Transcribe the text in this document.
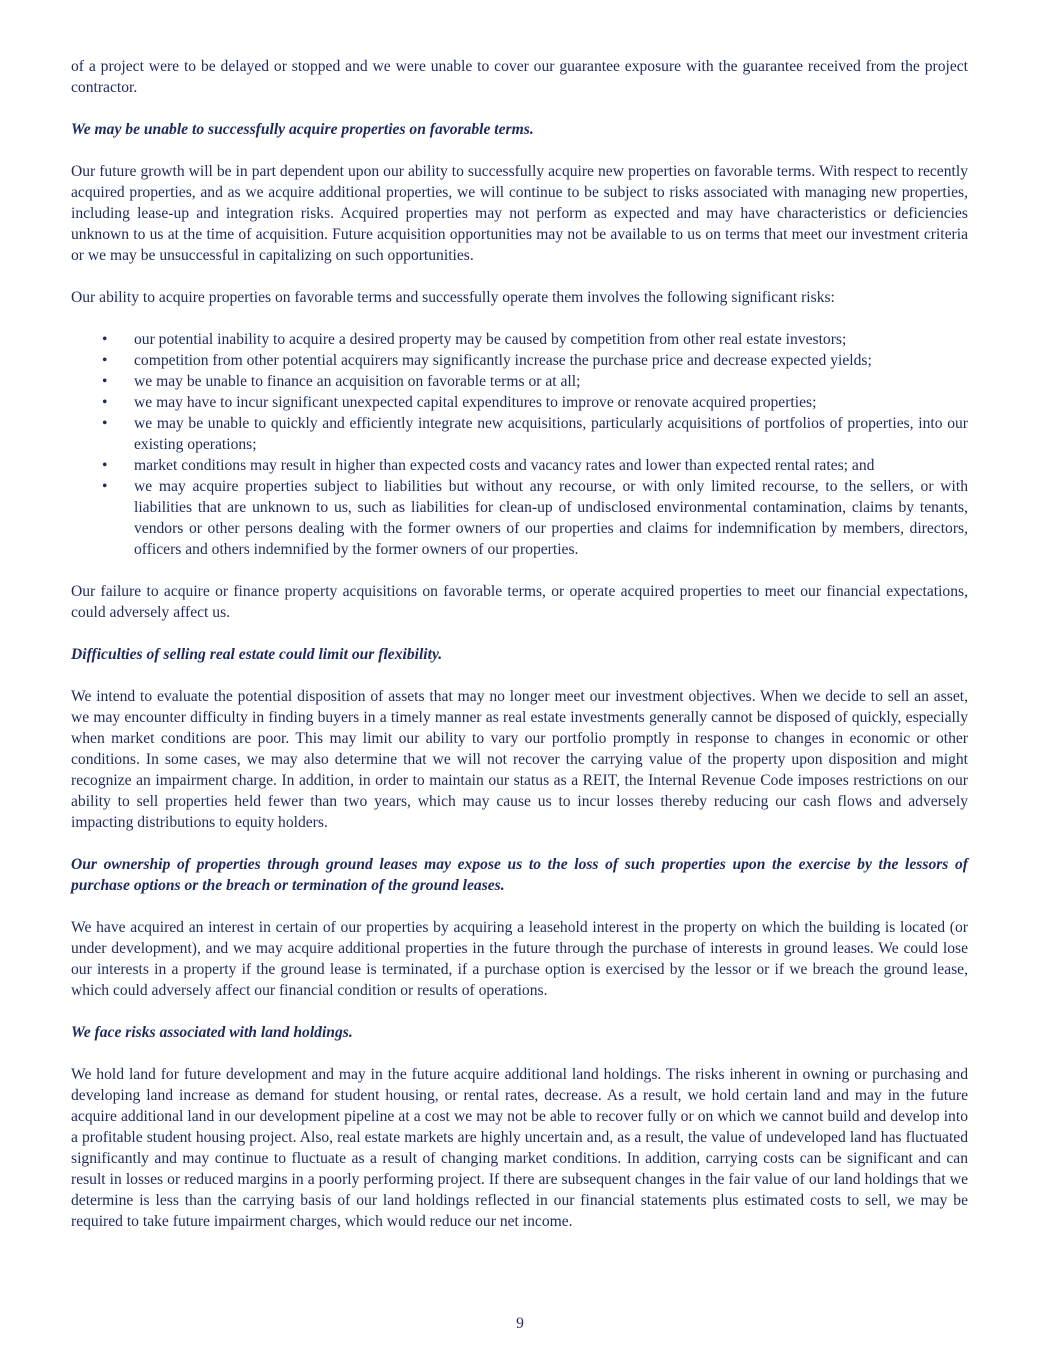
of a project were to be delayed or stopped and we were unable to cover our guarantee exposure with the guarantee received from the project contractor.

We may be unable to successfully acquire properties on favorable terms.

Our future growth will be in part dependent upon our ability to successfully acquire new properties on favorable terms. With respect to recently acquired properties, and as we acquire additional properties, we will continue to be subject to risks associated with managing new properties, including lease-up and integration risks. Acquired properties may not perform as expected and may have characteristics or deficiencies unknown to us at the time of acquisition. Future acquisition opportunities may not be available to us on terms that meet our investment criteria or we may be unsuccessful in capitalizing on such opportunities.

Our ability to acquire properties on favorable terms and successfully operate them involves the following significant risks:

• our potential inability to acquire a desired property may be caused by competition from other real estate investors;
• competition from other potential acquirers may significantly increase the purchase price and decrease expected yields;
• we may be unable to finance an acquisition on favorable terms or at all;
• we may have to incur significant unexpected capital expenditures to improve or renovate acquired properties;
• we may be unable to quickly and efficiently integrate new acquisitions, particularly acquisitions of portfolios of properties, into our existing operations;
• market conditions may result in higher than expected costs and vacancy rates and lower than expected rental rates; and
• we may acquire properties subject to liabilities but without any recourse, or with only limited recourse, to the sellers, or with liabilities that are unknown to us, such as liabilities for clean-up of undisclosed environmental contamination, claims by tenants, vendors or other persons dealing with the former owners of our properties and claims for indemnification by members, directors, officers and others indemnified by the former owners of our properties.

Our failure to acquire or finance property acquisitions on favorable terms, or operate acquired properties to meet our financial expectations, could adversely affect us.

Difficulties of selling real estate could limit our flexibility.

We intend to evaluate the potential disposition of assets that may no longer meet our investment objectives. When we decide to sell an asset, we may encounter difficulty in finding buyers in a timely manner as real estate investments generally cannot be disposed of quickly, especially when market conditions are poor. This may limit our ability to vary our portfolio promptly in response to changes in economic or other conditions. In some cases, we may also determine that we will not recover the carrying value of the property upon disposition and might recognize an impairment charge. In addition, in order to maintain our status as a REIT, the Internal Revenue Code imposes restrictions on our ability to sell properties held fewer than two years, which may cause us to incur losses thereby reducing our cash flows and adversely impacting distributions to equity holders.

Our ownership of properties through ground leases may expose us to the loss of such properties upon the exercise by the lessors of purchase options or the breach or termination of the ground leases.

We have acquired an interest in certain of our properties by acquiring a leasehold interest in the property on which the building is located (or under development), and we may acquire additional properties in the future through the purchase of interests in ground leases. We could lose our interests in a property if the ground lease is terminated, if a purchase option is exercised by the lessor or if we breach the ground lease, which could adversely affect our financial condition or results of operations.

We face risks associated with land holdings.

We hold land for future development and may in the future acquire additional land holdings. The risks inherent in owning or purchasing and developing land increase as demand for student housing, or rental rates, decrease. As a result, we hold certain land and may in the future acquire additional land in our development pipeline at a cost we may not be able to recover fully or on which we cannot build and develop into a profitable student housing project. Also, real estate markets are highly uncertain and, as a result, the value of undeveloped land has fluctuated significantly and may continue to fluctuate as a result of changing market conditions. In addition, carrying costs can be significant and can result in losses or reduced margins in a poorly performing project. If there are subsequent changes in the fair value of our land holdings that we determine is less than the carrying basis of our land holdings reflected in our financial statements plus estimated costs to sell, we may be required to take future impairment charges, which would reduce our net income.

9
